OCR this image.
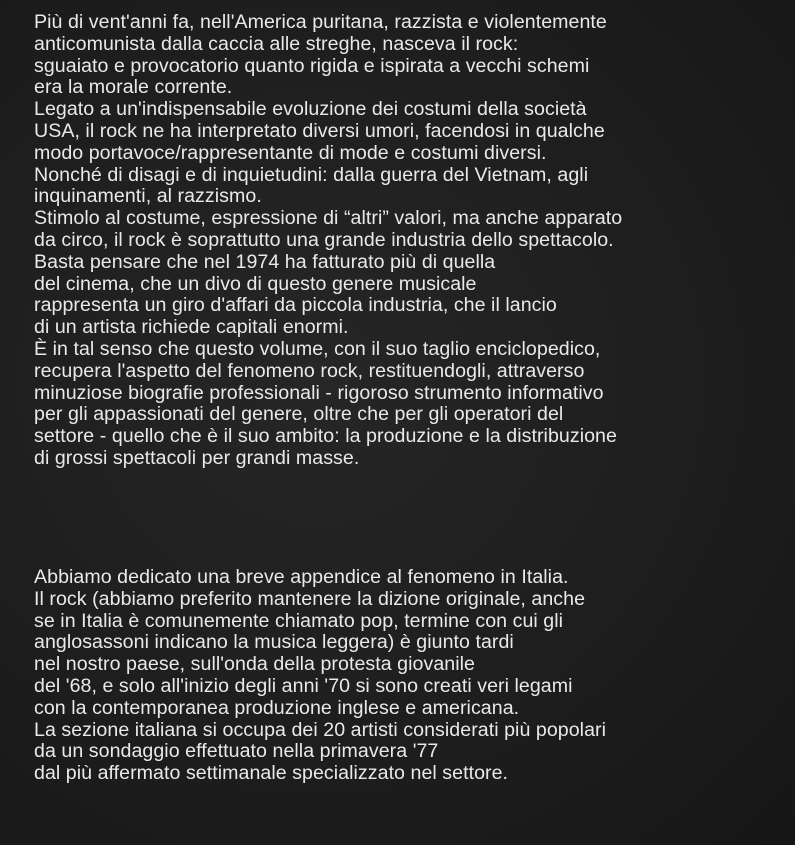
Più di vent'anni fa, nell'America puritana, razzista e violentemente
anticomunista dalla caccia alle streghe, nasceva il rock:
sguaiato e provocatorio quanto rigida e ispirata a vecchi schemi
era la morale corrente.
Legato a un'indispensabile evoluzione dei costumi della società
USA, il rock ne ha interpretato diversi umori, facendosi in qualche
modo portavoce/rappresentante di mode e costumi diversi.
Nonché di disagi e di inquietudini: dalla guerra del Vietnam, agli
inquinamenti, al razzismo.
Stimolo al costume, espressione di “altri” valori, ma anche apparato
da circo, il rock è soprattutto una grande industria dello spettacolo.
Basta pensare che nel 1974 ha fatturato più di quella
del cinema, che un divo di questo genere musicale
rappresenta un giro d'affari da piccola industria, che il lancio
di un artista richiede capitali enormi.
È in tal senso che questo volume, con il suo taglio enciclopedico,
recupera l'aspetto del fenomeno rock, restituendogli, attraverso
minuziose biografie professionali - rigoroso strumento informativo
per gli appassionati del genere, oltre che per gli operatori del
settore - quello che è il suo ambito: la produzione e la distribuzione
di grossi spettacoli per grandi masse.
Abbiamo dedicato una breve appendice al fenomeno in Italia.
Il rock (abbiamo preferito mantenere la dizione originale, anche
se in Italia è comunemente chiamato pop, termine con cui gli
anglosassoni indicano la musica leggera) è giunto tardi
nel nostro paese, sull'onda della protesta giovanile
del '68, e solo all'inizio degli anni '70 si sono creati veri legami
con la contemporanea produzione inglese e americana.
La sezione italiana si occupa dei 20 artisti considerati più popolari
da un sondaggio effettuato nella primavera '77
dal più affermato settimanale specializzato nel settore.
